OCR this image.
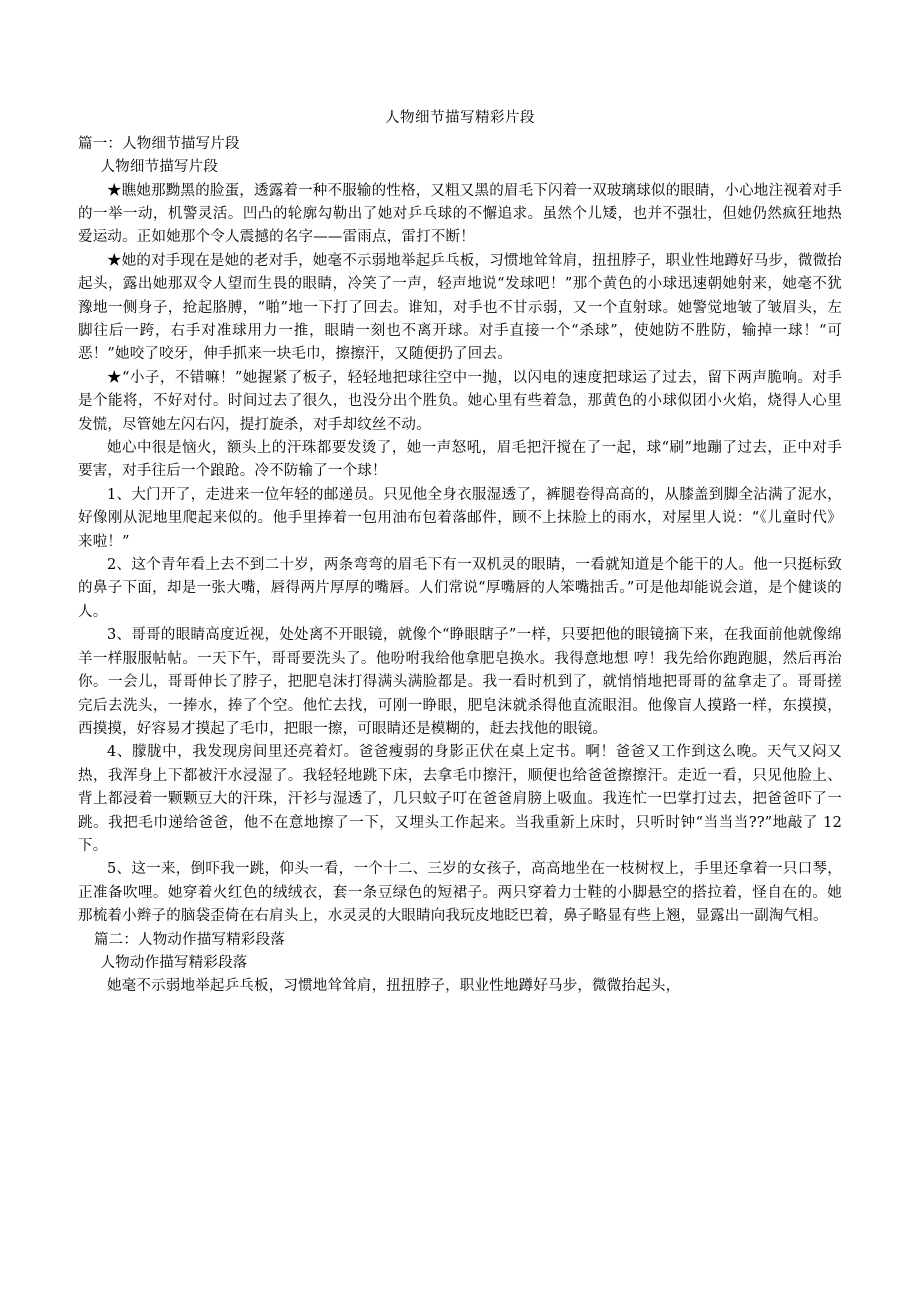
人物细节描写精彩片段

篇一：人物细节描写片段

人物细节描写片段

★瞧她那黝黑的脸蛋，透露着一种不服输的性格，又粗又黑的眉毛下闪着一双玻璃球似的眼睛，小心地注视着对手的一举一动，机警灵活。凹凸的轮廓勾勒出了她对乒乓球的不懈追求。虽然个儿矮，也并不强壮，但她仍然疯狂地热爱运动。正如她那个令人震撼的名字——雷雨点，雷打不断！

★她的对手现在是她的老对手，她毫不示弱地举起乒乓板，习惯地耸耸肩，扭扭脖子，职业性地蹲好马步，微微抬起头，露出她那双令人望而生畏的眼睛，冷笑了一声，轻声地说“发球吧！”那个黄色的小球迅速朝她射来，她毫不犹豫地一侧身子，抢起胳膊，“啪”地一下打了回去。谁知，对手也不甘示弱，又一个直射球。她警觉地皱了皱眉头，左脚往后一跨，右手对准球用力一推，眼睛一刻也不离开球。对手直接一个“杀球”，使她防不胜防，输掉一球！“可恶！”她咬了咬牙，伸手抓来一块毛巾，擦擦汗，又随便扔了回去。

★“小子，不错嘛！”她握紧了板子，轻轻地把球往空中一抛，以闪电的速度把球运了过去，留下两声脆响。对手是个能将，不好对付。时间过去了很久，也没分出个胜负。她心里有些着急，那黄色的小球似团小火焰，烧得人心里发慌，尽管她左闪右闪，提打旋杀，对手却纹丝不动。

她心中很是恼火，额头上的汗珠都要发烫了，她一声怒吼，眉毛把汗搅在了一起，球“刷”地蹦了过去，正中对手要害，对手往后一个踉跄。冷不防输了一个球！

1、大门开了，走进来一位年轻的邮递员。只见他全身衣服湿透了，裤腿卷得高高的，从膝盖到脚全沾满了泥水，好像刚从泥地里爬起来似的。他手里捧着一包用油布包着落邮件，顾不上抹脸上的雨水，对屋里人说：“《儿童时代》来啦！”

2、这个青年看上去不到二十岁，两条弯弯的眉毛下有一双机灵的眼睛，一看就知道是个能干的人。他一只挺标致的鼻子下面，却是一张大嘴，唇得两片厚厚的嘴唇。人们常说“厚嘴唇的人笨嘴拙舌。”可是他却能说会道，是个健谈的人。

3、哥哥的眼睛高度近视，处处离不开眼镜，就像个“睁眼瞎子”一样，只要把他的眼镜摘下来，在我面前他就像绵羊一样服服帖帖。一天下午，哥哥要洗头了。他吩咐我给他拿肥皂换水。我得意地想 哼！我先给你跑跑腿，然后再治你。一会儿，哥哥伸长了脖子，把肥皂沫打得满头满脸都是。我一看时机到了，就悄悄地把哥哥的盆拿走了。哥哥搓完后去洗头，一捧水，捧了个空。他忙去找，可刚一睁眼，肥皂沫就杀得他直流眼泪。他像盲人摸路一样，东摸摸，西摸摸，好容易才摸起了毛巾，把眼一擦，可眼睛还是模糊的，赶去找他的眼镜。

4、朦胧中，我发现房间里还亮着灯。爸爸瘦弱的身影正伏在桌上定书。啊！爸爸又工作到这么晚。天气又闷又热，我浑身上下都被汗水浸湿了。我轻轻地跳下床，去拿毛巾擦汗，顺便也给爸爸擦擦汗。走近一看，只见他脸上、背上都浸着一颗颗豆大的汗珠，汗衫与湿透了，几只蚊子叮在爸爸肩膀上吸血。我连忙一巴掌打过去，把爸爸吓了一跳。我把毛巾递给爸爸，他不在意地擦了一下，又埋头工作起来。当我重新上床时，只听时钟“当当当??”地敲了 12 下。

5、这一来，倒吓我一跳，仰头一看，一个十二、三岁的女孩子，高高地坐在一枝树杈上，手里还拿着一只口琴，正准备吹哩。她穿着火红色的绒绒衣，套一条豆绿色的短裙子。两只穿着力士鞋的小脚悬空的搭拉着，怪自在的。她那梳着小辫子的脑袋歪倚在右肩头上，水灵灵的大眼睛向我玩皮地眨巴着，鼻子略显有些上翘，显露出一副淘气相。

篇二：人物动作描写精彩段落

人物动作描写精彩段落

她毫不示弱地举起乒乓板，习惯地耸耸肩，扭扭脖子，职业性地蹲好马步，微微抬起头，
